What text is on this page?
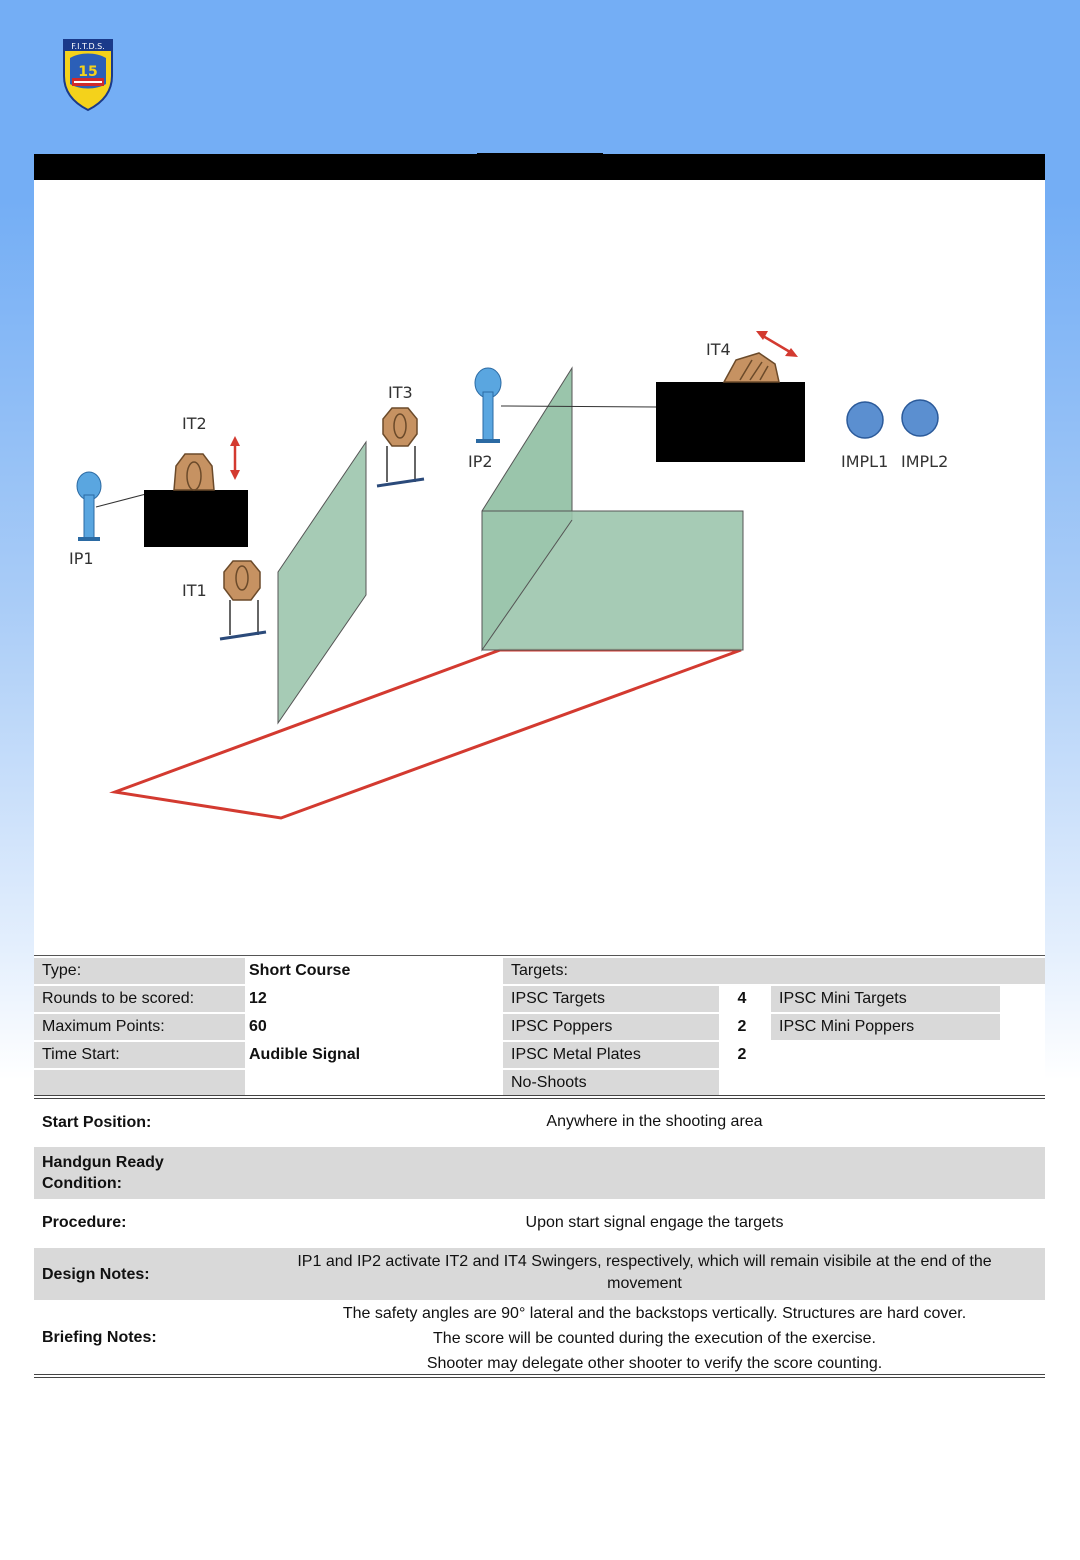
F.I.T.D.S.
15
IT2
IT1
IT3
IT4
IP1
IP2	IMPL1 IMPL2
Type:	Short Course
Rounds to be scored:	12
Maximum Points:	60
Time Start:	Audible Signal
Targets:
IPSC Targets	4	IPSC Mini Targets
IPSC Poppers	2	IPSC Mini Poppers
IPSC Metal Plates	2
No-Shoots
Start Position:	Anywhere in the shooting area
Handgun Ready Condition:
Procedure:	Upon start signal engage the targets
Design Notes:
IP1 and IP2 activate IT2 and IT4 Swingers, respectively, which will remain visibile at the end of the movement
Briefing Notes:
The safety angles are 90° lateral and the backstops vertically. Structures are hard cover.
The score will be counted during the execution of the exercise.
Shooter may delegate other shooter to verify the score counting.
